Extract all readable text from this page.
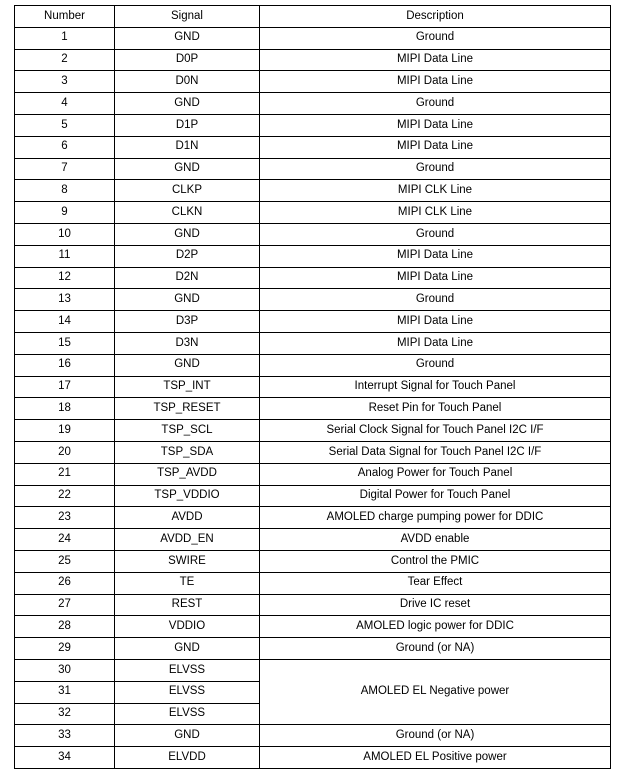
Number	Signal	Description
1	GND	Ground
2	D0P	MIPI Data Line
3	D0N	MIPI Data Line
4	GND	Ground
5	D1P	MIPI Data Line
6	D1N	MIPI Data Line
7	GND	Ground
8	CLKP	MIPI CLK Line
9	CLKN	MIPI CLK Line
10	GND	Ground
11	D2P	MIPI Data Line
12	D2N	MIPI Data Line
13	GND	Ground
14	D3P	MIPI Data Line
15	D3N	MIPI Data Line
16	GND	Ground
17	TSP_INT	Interrupt Signal for Touch Panel
18	TSP_RESET	Reset Pin for Touch Panel
19	TSP_SCL	Serial Clock Signal for Touch Panel I2C I/F
20	TSP_SDA	Serial Data Signal for Touch Panel I2C I/F
21	TSP_AVDD	Analog Power for Touch Panel
22	TSP_VDDIO	Digital Power for Touch Panel
23	AVDD	AMOLED charge pumping power for DDIC
24	AVDD_EN	AVDD enable
25	SWIRE	Control the PMIC
26	TE	Tear Effect
27	REST	Drive IC reset
28	VDDIO	AMOLED logic power for DDIC
29	GND	Ground (or NA)
30	ELVSS	AMOLED EL Negative power
31	ELVSS	
32	ELVSS	
33	GND	Ground (or NA)
34	ELVDD	AMOLED EL Positive power
